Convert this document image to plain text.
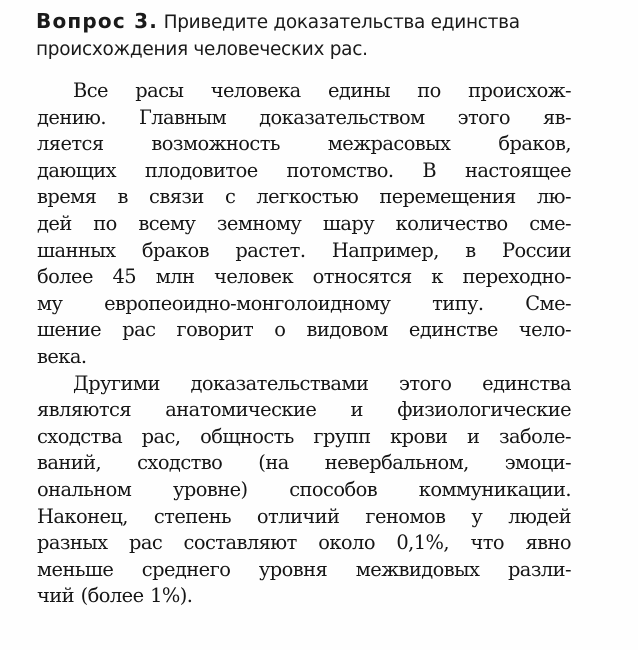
Вопрос 3. Приведите доказательства единства
происхождения человеческих рас.
Все расы человека едины по происхож-
дению. Главным доказательством этого яв-
ляется возможность межрасовых браков,
дающих плодовитое потомство. В настоящее
время в связи с легкостью перемещения лю-
дей по всему земному шару количество сме-
шанных браков растет. Например, в России
более 45 млн человек относятся к переходно-
му европеоидно-монголоидному типу. Сме-
шение рас говорит о видовом единстве чело-
века.
Другими доказательствами этого единства
являются анатомические и физиологические
сходства рас, общность групп крови и заболе-
ваний, сходство (на невербальном, эмоци-
ональном уровне) способов коммуникации.
Наконец, степень отличий геномов у людей
разных рас составляют около 0,1%, что явно
меньше среднего уровня межвидовых разли-
чий (более 1%).
